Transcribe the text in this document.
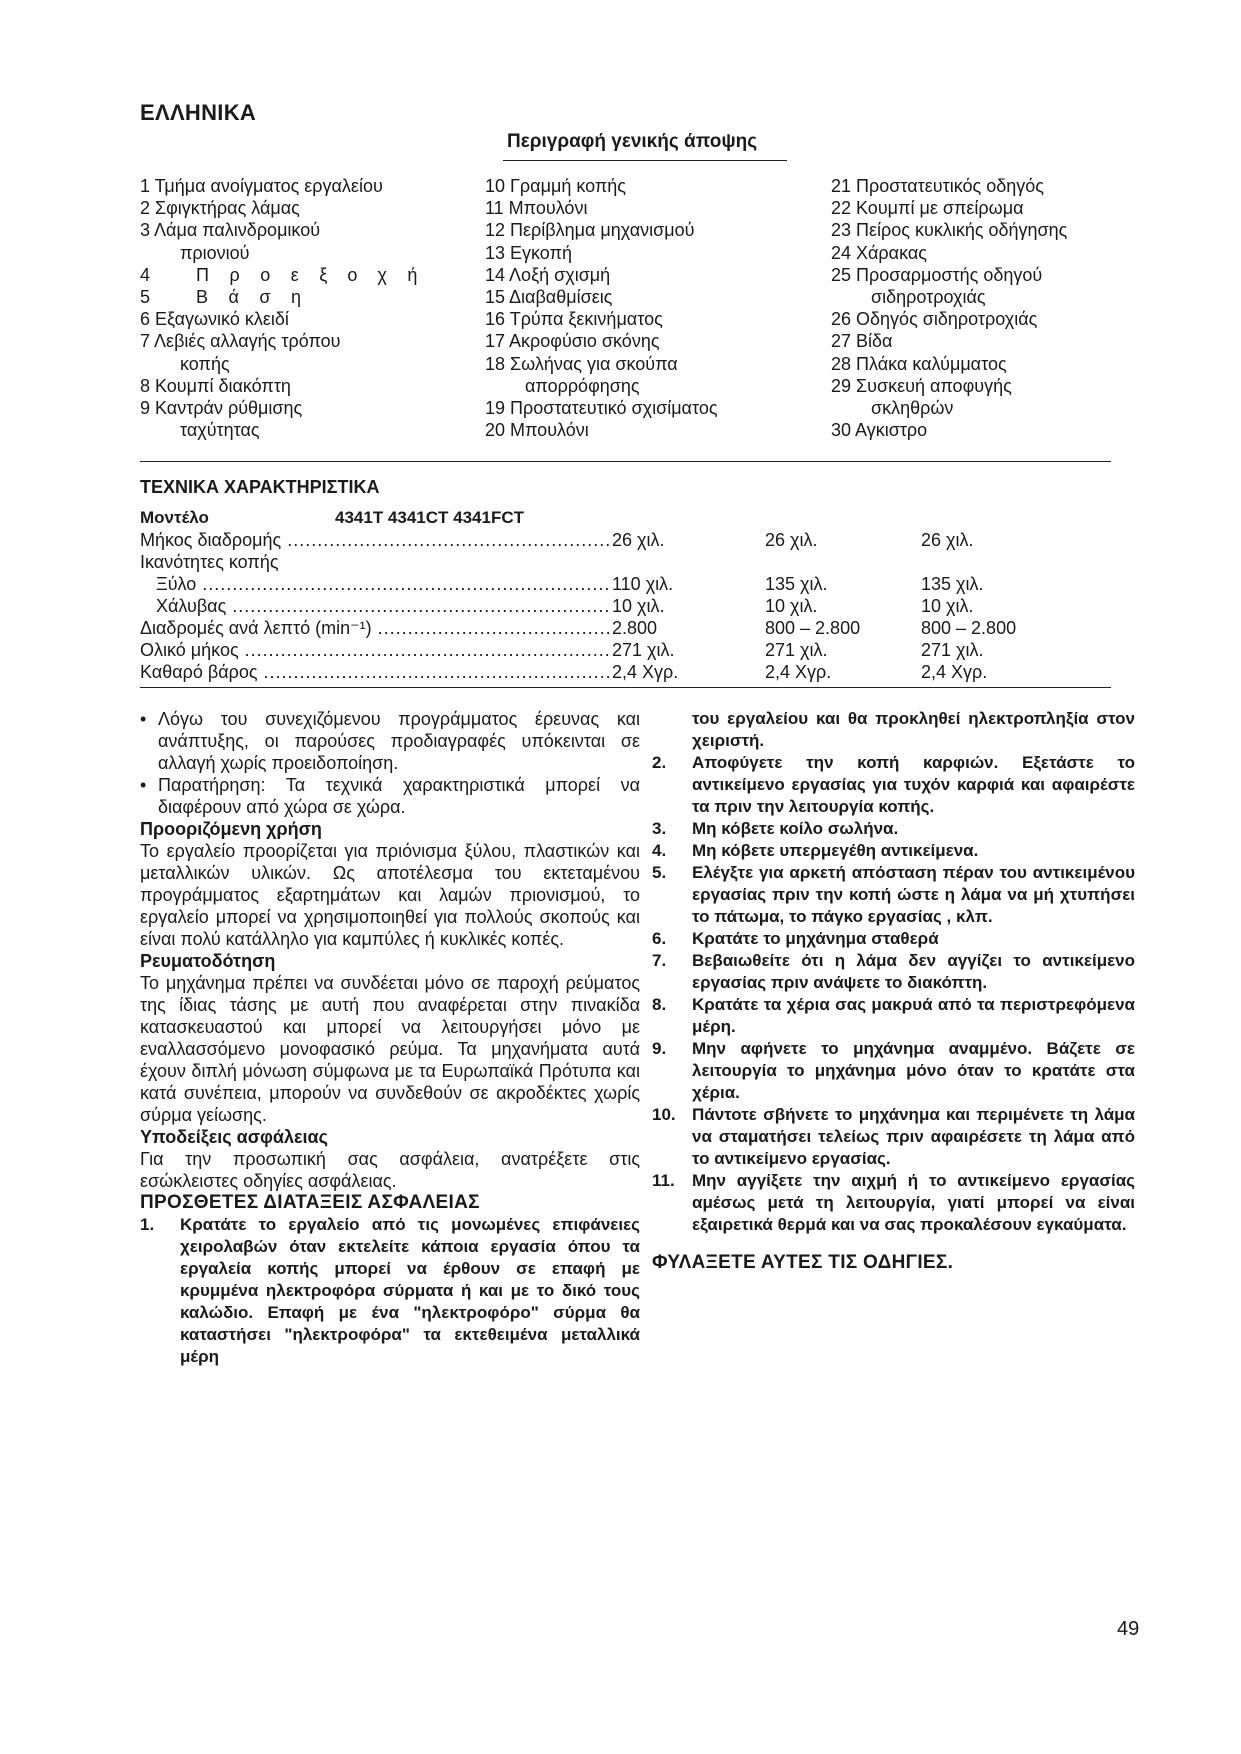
ΕΛΛΗΝΙΚΑ
Περιγραφή γενικής άποψης
1 Τμήμα ανοίγματος εργαλείου
2 Σφιγκτήρας λάμας
3 Λάμα παλινδρομικού
πριονιού
4 Προεξοχή
5 Βάση
6 Εξαγωνικό κλειδί
7 Λεβιές αλλαγής τρόπου
κοπής
8 Κουμπί διακόπτη
9 Καντράν ρύθμισης
ταχύτητας
10 Γραμμή κοπής
11 Μπουλόνι
12 Περίβλημα μηχανισμού
13 Εγκοπή
14 Λοξή σχισμή
15 Διαβαθμίσεις
16 Τρύπα ξεκινήματος
17 Ακροφύσιο σκόνης
18 Σωλήνας για σκούπα
απορρόφησης
19 Προστατευτικό σχισίματος
20 Μπουλόνι
21 Προστατευτικός οδηγός
22 Κουμπί με σπείρωμα
23 Πείρος κυκλικής οδήγησης
24 Χάρακας
25 Προσαρμοστής οδηγού
σιδηροτροχιάς
26 Οδηγός σιδηροτροχιάς
27 Βίδα
28 Πλάκα καλύμματος
29 Συσκευή αποφυγής
σκληθρών
30 Αγκιστρο
ΤΕΧΝΙΚΑ ΧΑΡΑΚΤΗΡΙΣΤΙΚΑ
Μοντέλο	4341T 4341CT 4341FCT
Μήκος διαδρομής .....	26 χιλ.	26 χιλ.	26 χιλ.
Ικανότητες κοπής
Ξύλο .....	110 χιλ.	135 χιλ.	135 χιλ.
Χάλυβας .....	10 χιλ.	10 χιλ.	10 χιλ.
Διαδρομές ανά λεπτό (min⁻¹) .....	2.800	800 – 2.800	800 – 2.800
Ολικό μήκος .....	271 χιλ.	271 χιλ.	271 χιλ.
Καθαρό βάρος .....	2,4 Χγρ.	2,4 Χγρ.	2,4 Χγρ.

• Λόγω του συνεχιζόμενου προγράμματος έρευνας και ανάπτυξης, οι παρούσες προδιαγραφές υπόκεινται σε αλλαγή χωρίς προειδοποίηση.

• Παρατήρηση: Τα τεχνικά χαρακτηριστικά μπορεί να διαφέρουν από χώρα σε χώρα.

Προοριζόμενη χρήση

Το εργαλείο προορίζεται για πριόνισμα ξύλου, πλαστικών και μεταλλικών υλικών. Ως αποτέλεσμα του εκτεταμένου προγράμματος εξαρτημάτων και λαμών πριονισμού, το εργαλείο μπορεί να χρησιμοποιηθεί για πολλούς σκοπούς και είναι πολύ κατάλληλο για καμπύλες ή κυκλικές κοπές.

Ρευματοδότηση

Το μηχάνημα πρέπει να συνδέεται μόνο σε παροχή ρεύματος της ίδιας τάσης με αυτή που αναφέρεται στην πινακίδα κατασκευαστού και μπορεί να λειτουργήσει μόνο με εναλλασσόμενο μονοφασικό ρεύμα. Τα μηχανήματα αυτά έχουν διπλή μόνωση σύμφωνα με τα Ευρωπαϊκά Πρότυπα και κατά συνέπεια, μπορούν να συνδεθούν σε ακροδέκτες χωρίς σύρμα γείωσης.

Υποδείξεις ασφάλειας

Για την προσωπική σας ασφάλεια, ανατρέξετε στις εσώκλειστες οδηγίες ασφάλειας.

ΠΡΟΣΘΕΤΕΣ ΔΙΑΤΑΞΕΙΣ ΑΣΦΑΛΕΙΑΣ

1. Κρατάτε το εργαλείο από τις μονωμένες επιφάνειες χειρολαβών όταν εκτελείτε κάποια εργασία όπου τα εργαλεία κοπής μπορεί να έρθουν σε επαφή με κρυμμένα ηλεκτροφόρα σύρματα ή και με το δικό τους καλώδιο. Επαφή με ένα "ηλεκτροφόρο" σύρμα θα καταστήσει "ηλεκτροφόρα" τα εκτεθειμένα μεταλλικά μέρη
του εργαλείου και θα προκληθεί ηλεκτροπληξία στον χειριστή.
2. Αποφύγετε την κοπή καρφιών. Εξετάστε το αντικείμενο εργασίας για τυχόν καρφιά και αφαιρέστε τα πριν την λειτουργία κοπής.
3. Μη κόβετε κοίλο σωλήνα.
4. Μη κόβετε υπερμεγέθη αντικείμενα.
5. Ελέγξτε για αρκετή απόσταση πέραν του αντικειμένου εργασίας πριν την κοπή ώστε η λάμα να μή χτυπήσει το πάτωμα, το πάγκο εργασίας , κλπ.
6. Κρατάτε το μηχάνημα σταθερά
7. Βεβαιωθείτε ότι η λάμα δεν αγγίζει το αντικείμενο εργασίας πριν ανάψετε το διακόπτη.
8. Κρατάτε τα χέρια σας μακρυά από τα περιστρεφόμενα μέρη.
9. Μην αφήνετε το μηχάνημα αναμμένο. Βάζετε σε λειτουργία το μηχάνημα μόνο όταν το κρατάτε στα χέρια.
10. Πάντοτε σβήνετε το μηχάνημα και περιμένετε τη λάμα να σταματήσει τελείως πριν αφαιρέσετε τη λάμα από το αντικείμενο εργασίας.
11. Μην αγγίξετε την αιχμή ή το αντικείμενο εργασίας αμέσως μετά τη λειτουργία, γιατί μπορεί να είναι εξαιρετικά θερμά και να σας προκαλέσουν εγκαύματα.

ΦΥΛΑΞΕΤΕ ΑΥΤΕΣ ΤΙΣ ΟΔΗΓΙΕΣ.

49
